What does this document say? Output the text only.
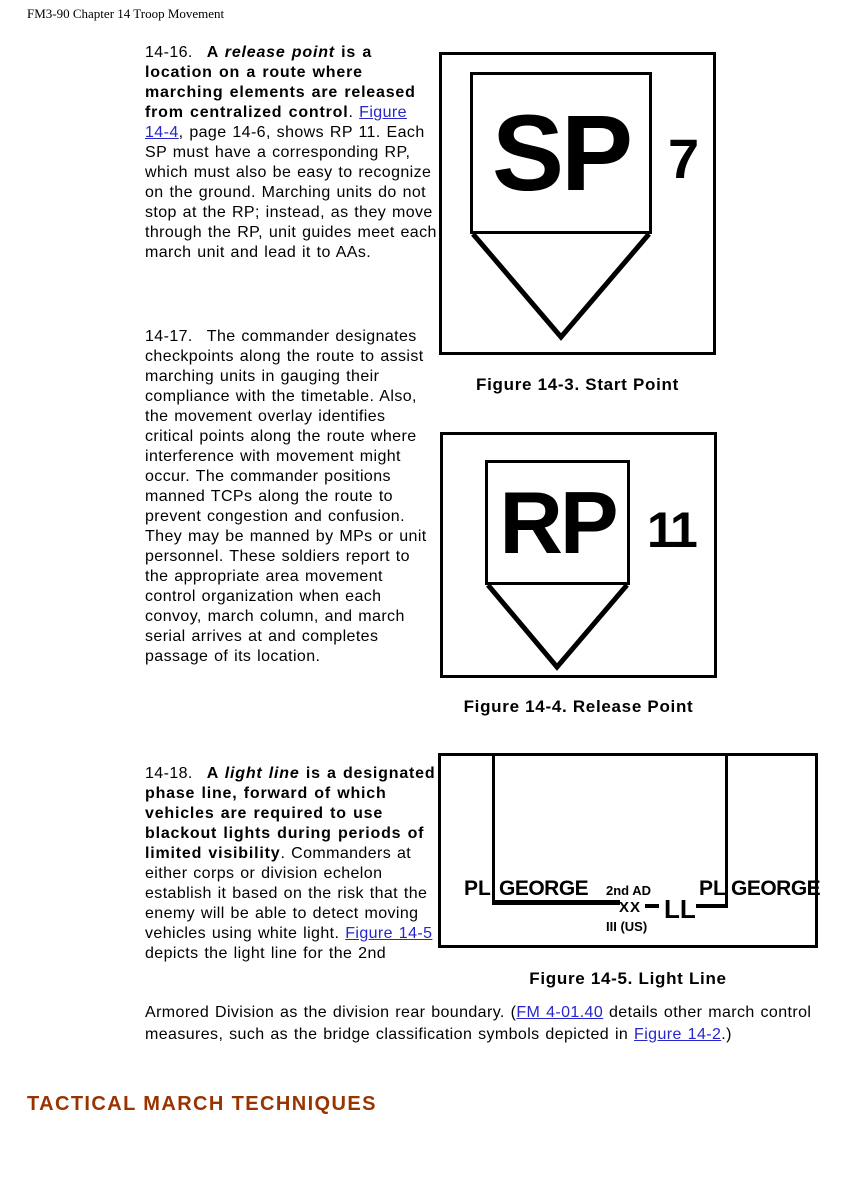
FM3-90 Chapter 14 Troop Movement

14-16. A release point is a location on a route where marching elements are released from centralized control. Figure 14-4, page 14-6, shows RP 11. Each SP must have a corresponding RP, which must also be easy to recognize on the ground. Marching units do not stop at the RP; instead, as they move through the RP, unit guides meet each march unit and lead it to AAs.

14-17. The commander designates checkpoints along the route to assist marching units in gauging their compliance with the timetable. Also, the movement overlay identifies critical points along the route where interference with movement might occur. The commander positions manned TCPs along the route to prevent congestion and confusion. They may be manned by MPs or unit personnel. These soldiers report to the appropriate area movement control organization when each convoy, march column, and march serial arrives at and completes passage of its location.

14-18. A light line is a designated phase line, forward of which vehicles are required to use blackout lights during periods of limited visibility. Commanders at either corps or division echelon establish it based on the risk that the enemy will be able to detect moving vehicles using white light. Figure 14-5 depicts the light line for the 2nd

Armored Division as the division rear boundary. (FM 4-01.40 details other march control measures, such as the bridge classification symbols depicted in Figure 14-2.)

TACTICAL MARCH TECHNIQUES
SP 7
Figure 14-3. Start Point
RP 11
Figure 14-4. Release Point
PL GEORGE 2nd AD
XX
III (US)
LL
PL GEORGE
Figure 14-5. Light Line
